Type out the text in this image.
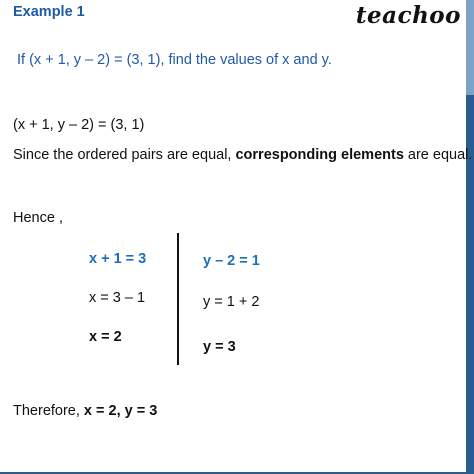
Example 1	teachoo
If (x + 1, y – 2) = (3, 1), find the values of x and y.
(x + 1, y – 2) = (3, 1)
Since the ordered pairs are equal, corresponding elements are equal.
Hence ,
x + 1 = 3
x = 3 – 1
x = 2
y – 2 = 1
y = 1 + 2
y = 3
Therefore, x = 2, y = 3
